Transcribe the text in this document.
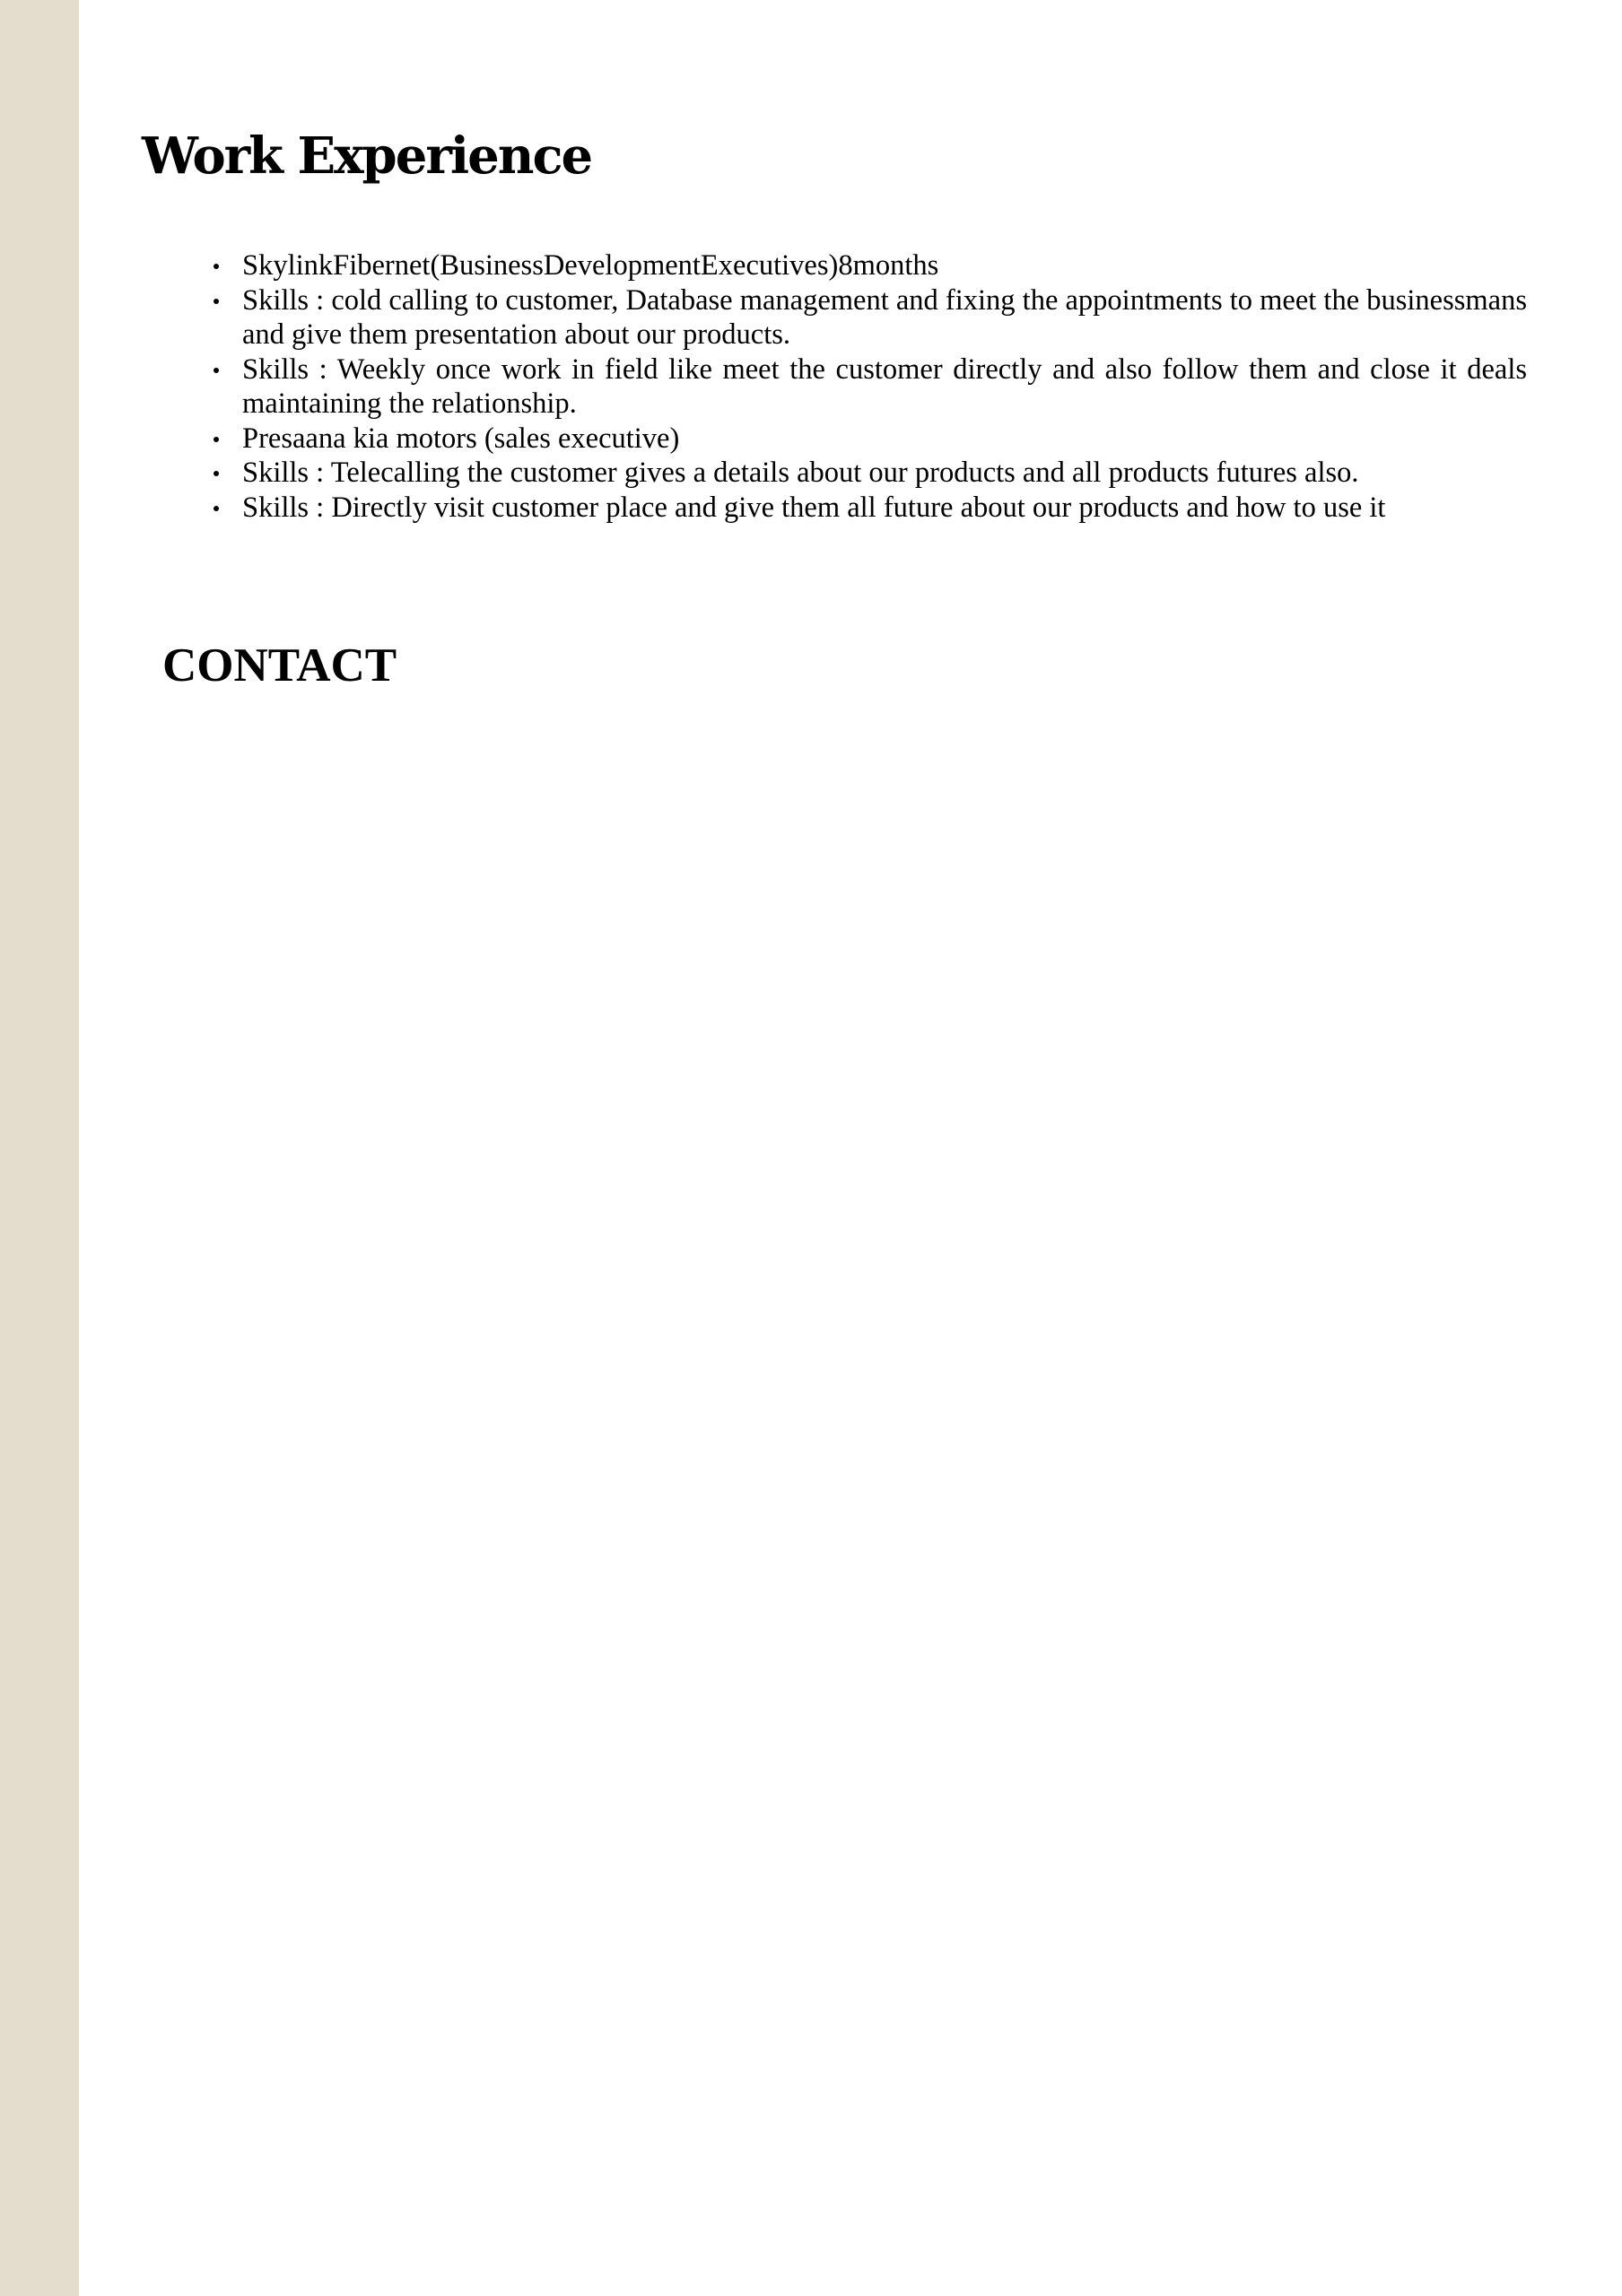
Work Experience
SkylinkFibernet(BusinessDevelopmentExecutives)8months
Skills : cold calling to customer, Database management and fixing the appointments to meet the businessmans and give them presentation about our products.
Skills : Weekly once work in field like meet the customer directly and also follow them and close it deals maintaining the relationship.
Presaana kia motors (sales executive)
Skills : Telecalling the customer gives a details about our products and all products futures also.
Skills : Directly visit customer place and give them all future about our products and how to use it
CONTACT
